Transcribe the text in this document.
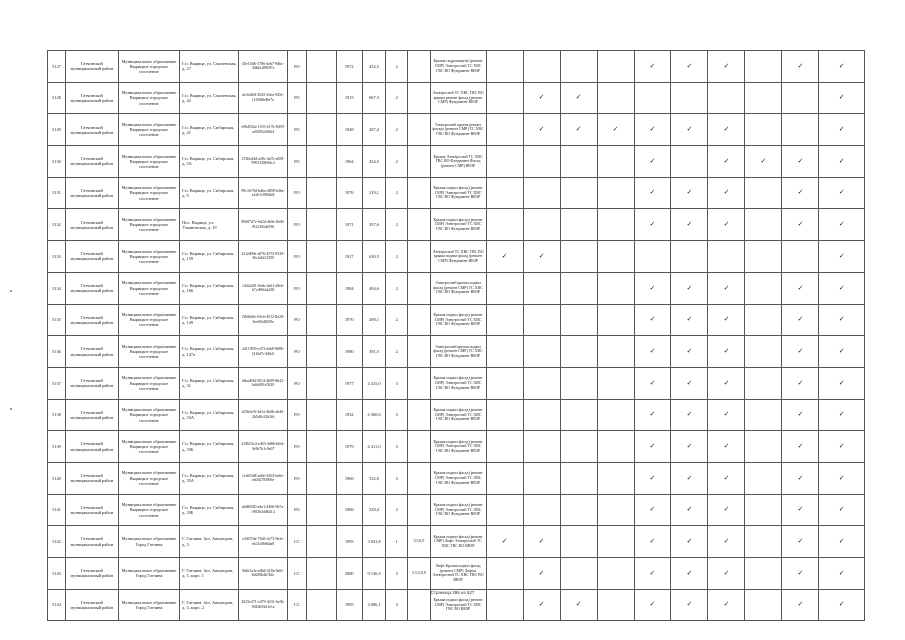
5127	Гатчинский муниципальный район	Муниципальное образование Вырицкое городское поселение	Г.п. Вырица, ул. Смоленская, д. 27	45e1f3fb-3786-4eb7-9d6c-3dbb1488f97a	РО		1972	452,5	2		Крыша гидрозащиты (ремонт СМР) Электроснаб ТС ХВС ГВС ВО Фундамент ВВЗР					✓	✓	✓		✓	✓
5128	Гатчинский муниципальный район	Муниципальное образование Вырицкое городское поселение	Г.п. Вырица, ул. Смоленская, д. 42	4e32d6ff-2625-43ea-945e-f1f9d6bd9e7a	РО		1915	667,3	2		Электроснаб ТС ХВС ГВС ВО крыша ремонт фасад (ремонт СМР) Фундамент ВВЗР		✓	✓							✓
5129	Гатчинский муниципальный район	Муниципальное образование Вырицкое городское поселение	Г.п. Вырица, ул. Сибирская, д. 41	e96d552a-1105-417b-8459-ae9295a5f664	РО		1948	287,4	2		Электроснаб крыша ремонт фасада (ремонт СМР) ТС ХВС ГВС ВО Фундамент ВВЗР		✓	✓	✓	✓	✓	✓			✓
5130	Гатчинский муниципальный район	Муниципальное образование Вырицкое городское поселение	Г.п. Вырица, ул. Сибирская, д. 5А	2740ed4d-a28c-4a7b-a658-9991328b9dc4	РО		1964	434,5	2		Крыша Электроснаб ТС ХВС ГВС ВО Фундамент Фасад (ремонт СМР) ВВЗР					✓		✓	✓	✓	✓
5131	Гатчинский муниципальный район	Муниципальное образование Вырицкое городское поселение	Г.п. Вырица, ул. Сибирская, д. 9	99c1b79d-bdba-4898-b4be-a1a61c9904d4	РО		1976	219,1	2		Крыша подвал фасад (ремонт СМР) Электроснаб ТС ХВС ГВС ВО Фундамент ВВЗР					✓	✓	✓		✓	✓
5132	Гатчинский муниципальный район	Муниципальное образование Вырицкое городское поселение	Пос. Вырица, ул. Ульяновская, д. 19	89d87d7e-6d2d-4b9e-8e06-f92239a4e936	РО		1971	357,6	2		Крыша подвал фасад (ремонт СМР) Электроснаб ТС ХВС ГВС ВО Фундамент ВВЗР					✓	✓	✓		✓	✓
5133	Гатчинский муниципальный район	Муниципальное образование Вырицкое городское поселение	Г.п. Вырица, ул. Сибирская, д. 159	b1f2d90e-a876-4573-8318-36cfa6221595	РО		1917	630,5	2		Электроснаб ТС ХВС ГВС ВО крыша подвал фасад (ремонт СМР) Фундамент ВВЗР	✓	✓								✓
5134	Гатчинский муниципальный район	Муниципальное образование Вырицкое городское поселение	Г.п. Вырица, ул. Сибирская, д. 166	1d42af01-0eeb-4a61-a9eb-b7cd96fa2d38	РО		1984	494,6	2		Электроснаб крыша подвал фасад (ремонт СМР) ТС ХВС ГВС ВО Фундамент ВВЗР					✓	✓	✓		✓	✓
5135	Гатчинский муниципальный район	Муниципальное образование Вырицкое городское поселение	Г.п. Вырица, ул. Сибирская, д. 149	f3b0b0fe-03c6-4912-8e20-3ee0f2d0f39e	РО		1970	298,1	2		Крыша подвал фасад (ремонт СМР) Электроснаб ТС ХВС ГВС ВО Фундамент ВВЗР					✓	✓	✓		✓	✓
5136	Гатчинский муниципальный район	Муниципальное образование Вырицкое городское поселение	Г.п. Вырица, ул. Сибирская, д. 147а	2d11f835-e47f-4ab8-9686-f216d7c3d0c0	РО		1980	391,5	2		Электроснаб крыша подвал фасад (ремонт СМР) ТС ХВС ГВС ВО Фундамент ВВЗР					✓	✓	✓		✓	✓
5137	Гатчинский муниципальный район	Муниципальное образование Вырицкое городское поселение	Г.п. Вырица, ул. Сибирская, д. 31	fdbad9fd-5814-4b99-8b42-bd4df91e5820	РО		1977	4 415,0	3		Крыша подвал фасад (ремонт СМР) Электроснаб ТС ХВС ГВС ВО Фундамент ВВЗР					✓	✓	✓		✓	✓
5138	Гатчинский муниципальный район	Муниципальное образование Вырицкое городское поселение	Г.п. Вырица, ул. Сибирская, д. 33А	d29a3e5f-b41a-4b6b-ab46-2b5d8c22b3fd	РО		1932	4 360,6	3		Крыша подвал фасад (ремонт СМР) Электроснаб ТС ХВС ГВС ВО Фундамент ВВЗР					✓	✓	✓		✓	✓
5139	Гатчинский муниципальный район	Муниципальное образование Вырицкое городское поселение	Г.п. Вырица, ул. Сибирская, д. 35Б	419b53c4-e463-4d8b-b6e4-3e9b7b1c9a07	РО		1979	4 411,0	3		Крыша подвал фасад (ремонт СМР) Электроснаб ТС ХВС ГВС ВО Фундамент ВВЗР					✓	✓	✓		✓	✓
5140	Гатчинский муниципальный район	Муниципальное образование Вырицкое городское поселение	Г.п. Вырица, ул. Сибирская, д. 35А	c1e6f5d8-ad6e-4363-be6e-ea0d27838f6e	РО		1969	532,0	3		Крыша подвал фасад (ремонт СМР) Электроснаб ТС ХВС ГВС ВО Фундамент ВВЗР					✓	✓	✓		✓	✓
5141	Гатчинский муниципальный район	Муниципальное образование Вырицкое городское поселение	Г.п. Вырица, ул. Сибирская, д. 35Б	a6d8f020-a4e1-4466-9b7a-c903b3dd6414	РО		1969	528,4	2		Крыша подвал фасад (ремонт СМР) Электроснаб ТС ХВС ГВС ВО Фундамент ВВЗР					✓	✓	✓		✓	✓
5142	Гатчинский муниципальный район	Муниципальное образование Город Гатчина	Г. Гатчина, бул. Авиаторов, д. 3	c3d37f4e-76d3-4c73-9e2e-eb21df6664a8	СС		1995	3 041,8	1	5,5,6,9	Крыша подвал фасад (ремонт СМР) Лифт Электроснаб ТС ХВС ГВС ВО ВВЗР	✓	✓			✓	✓	✓		✓	✓
5143	Гатчинский муниципальный район	Муниципальное образование Город Гатчина	Г. Гатчина, бул. Авиаторов, д. 5, корп. 1	9d6f1a3e-a0b6-418a-9a6f-6d28fb4b7b4c	СС		2000	9 136,3	3	5,5,5,8,9	Лифт Крыша подвал фасад (ремонт СМР) Лифты Электроснаб ТС ХВС ГВС ВО ВВЗР		✓			✓	✓	✓		✓	✓
5144	Гатчинский муниципальный район	Муниципальное образование Город Гатчина	Г. Гатчина, бул. Авиаторов, д. 3, корп. 2	2025e471-e479-4231-be3b-9043b93d1e1a	СС		1995	4 086,1	3		Крыша подвал фасад (ремонт СМР) Электроснаб ТС ХВС ГВС ВО ВВЗР		✓	✓		✓	✓	✓		✓	✓
Страница 286 из 627
